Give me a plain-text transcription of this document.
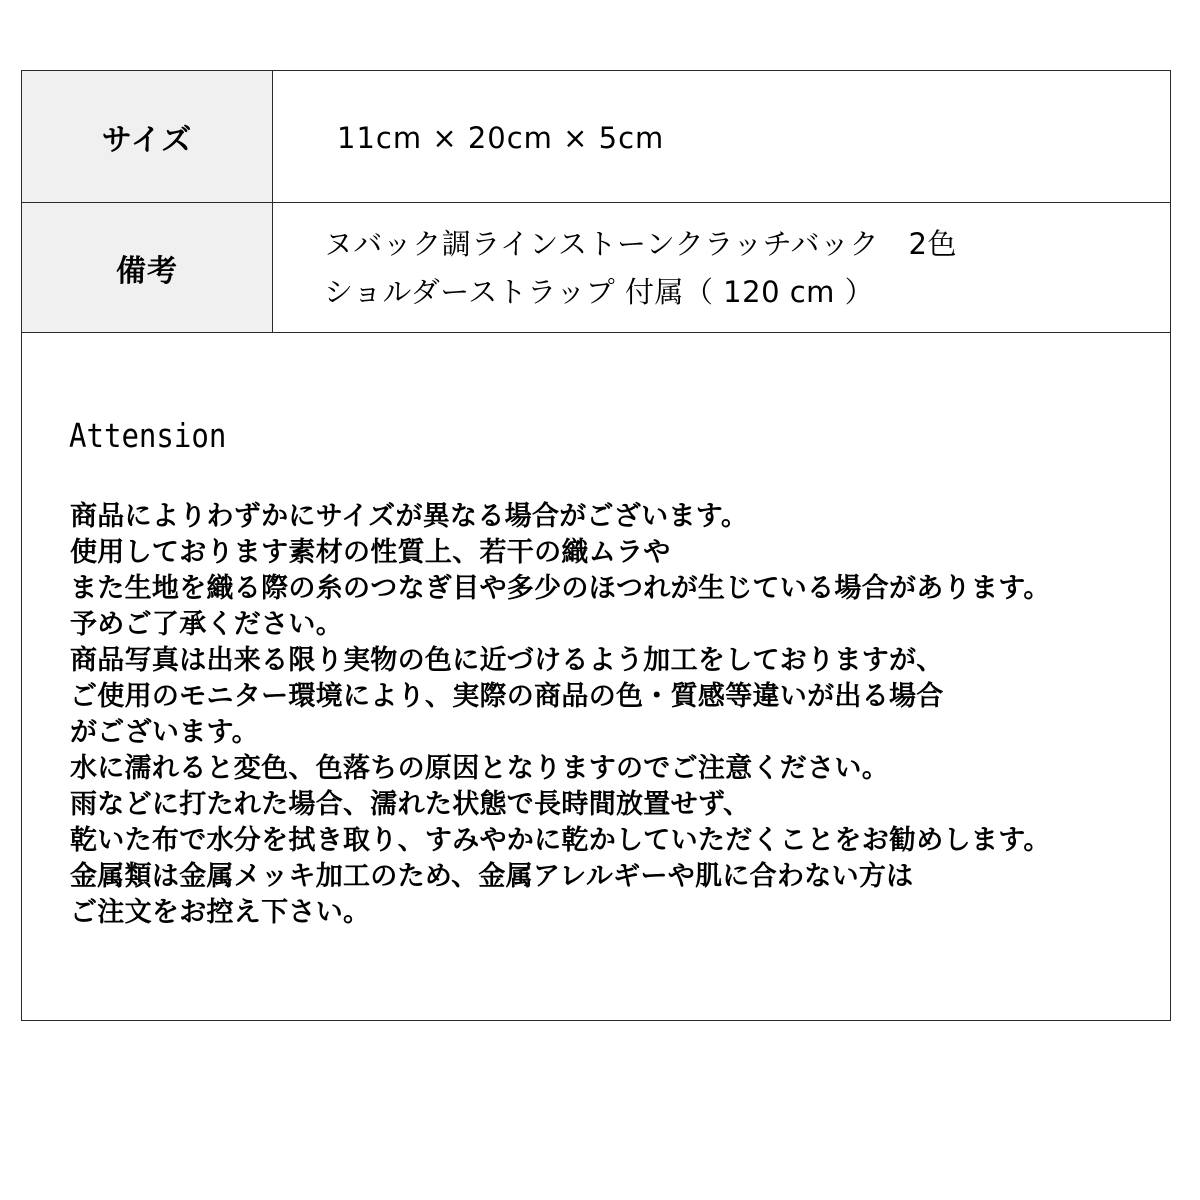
サイズ	11cm × 20cm × 5cm

備考	ヌバック調ラインストーンクラッチバック　2色
ショルダーストラップ 付属（ 120 cm ）
Attension
商品によりわずかにサイズが異なる場合がございます。
使用しております素材の性質上、若干の織ムラや
また生地を織る際の糸のつなぎ目や多少のほつれが生じている場合があります。
予めご了承ください。
商品写真は出来る限り実物の色に近づけるよう加工をしておりますが、
ご使用のモニター環境により、実際の商品の色・質感等違いが出る場合
がございます。
水に濡れると変色、色落ちの原因となりますのでご注意ください。
雨などに打たれた場合、濡れた状態で長時間放置せず、
乾いた布で水分を拭き取り、すみやかに乾かしていただくことをお勧めします。
金属類は金属メッキ加工のため、金属アレルギーや肌に合わない方は
ご注文をお控え下さい。
